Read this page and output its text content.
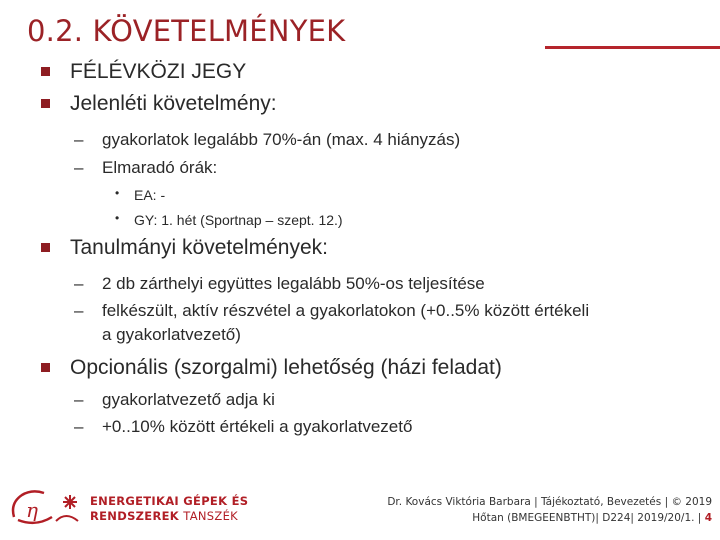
0.2. KÖVETELMÉNYEK
FÉLÉVKÖZI JEGY
Jelenléti követelmény:
– gyakorlatok legalább 70%-án (max. 4 hiányzás)
– Elmaradó órák:
• EA: -
• GY: 1. hét (Sportnap – szept. 12.)
Tanulmányi követelmények:
– 2 db zárthelyi együttes legalább 50%-os teljesítése
– felkészült, aktív részvétel a gyakorlatokon (+0..5% között értékeli
a gyakorlatvezető)
Opcionális (szorgalmi) lehetőség (házi feladat)
– gyakorlatvezető adja ki
– +0..10% között értékeli a gyakorlatvezető
η	ENERGETIKAI GÉPEK ÉS
RENDSZEREK TANSZÉK
Dr. Kovács Viktória Barbara | Tájékoztató, Bevezetés | © 2019
Hőtan (BMEGEENBTHT)| D224| 2019/20/1. | 4
